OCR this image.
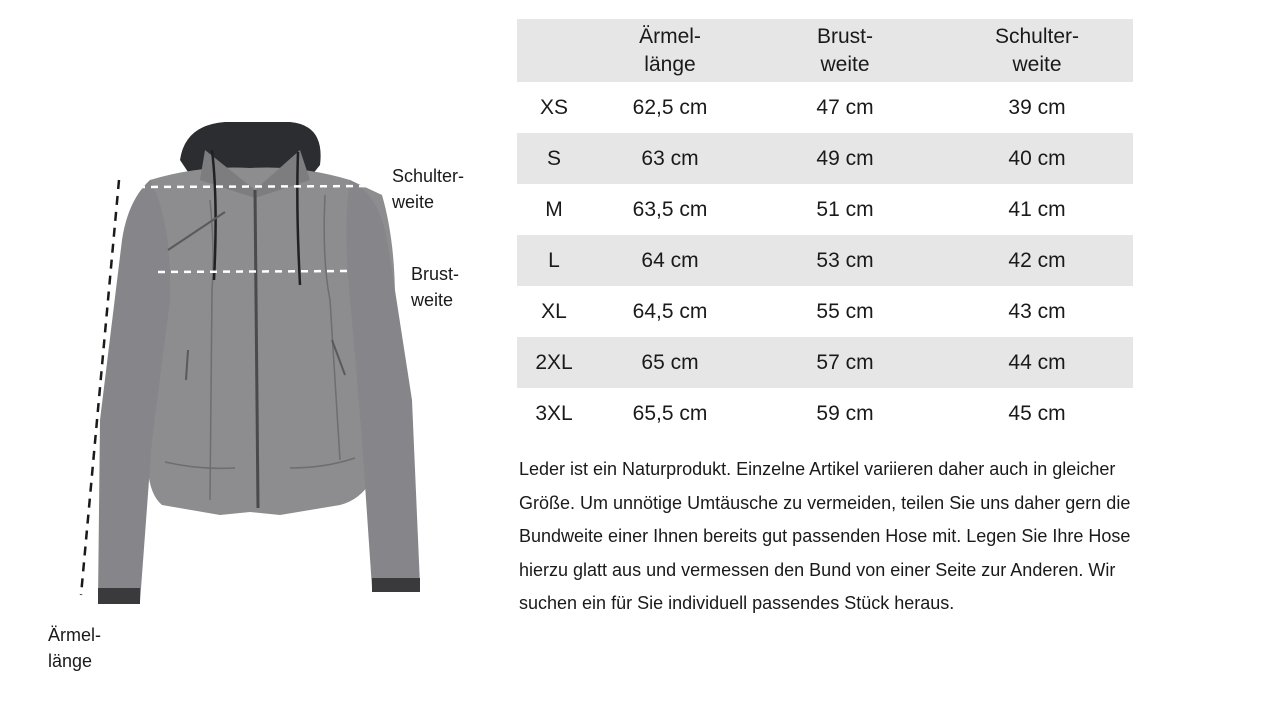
Schulter-
weite
Brust-
weite
Ärmel-
länge

	Ärmel-
länge	Brust-
weite	Schulter-
weite

XS	62,5 cm	47 cm	39 cm
S	63 cm	49 cm	40 cm
M	63,5 cm	51 cm	41 cm
L	64 cm	53 cm	42 cm
XL	64,5 cm	55 cm	43 cm
2XL	65 cm	57 cm	44 cm
3XL	65,5 cm	59 cm	45 cm

Leder ist ein Naturprodukt. Einzelne Artikel variieren daher auch in gleicher Größe. Um unnötige Umtäusche zu vermeiden, teilen Sie uns daher gern die Bundweite einer Ihnen bereits gut passenden Hose mit. Legen Sie Ihre Hose hierzu glatt aus und vermessen den Bund von einer Seite zur Anderen. Wir suchen ein für Sie individuell passendes Stück heraus.
